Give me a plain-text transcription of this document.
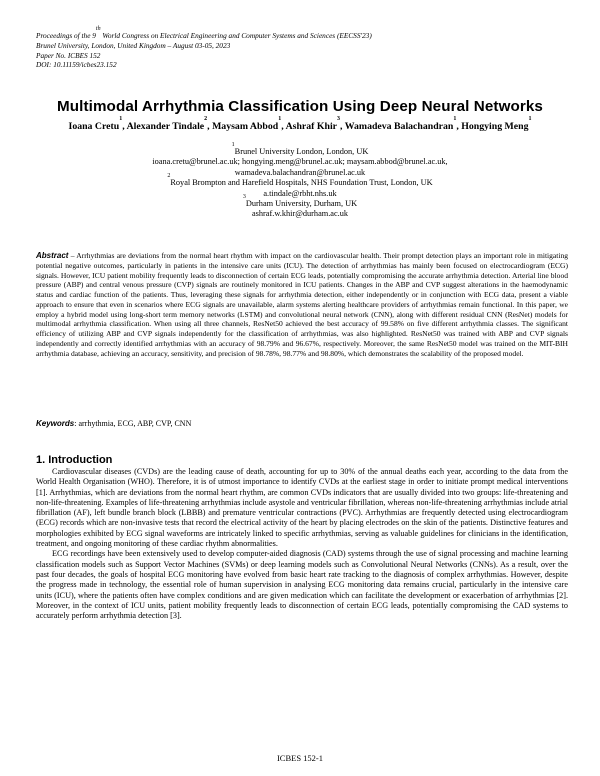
Proceedings of the 9th World Congress on Electrical Engineering and Computer Systems and Sciences (EECSS'23)
Brunel University, London, United Kingdom – August 03-05, 2023
Paper No. ICBES 152
DOI: 10.11159/icbes23.152
Multimodal Arrhythmia Classification Using Deep Neural Networks
Ioana Cretu$^1$, Alexander Tindale$^2$, Maysam Abbod$^1$, Ashraf Khir$^3$, Wamadeva Balachandran$^1$, Hongying Meng$^1$
$^1$Brunel University London, London, UK
ioana.cretu@brunel.ac.uk; hongying.meng@brunel.ac.uk; maysam.abbod@brunel.ac.uk,
wamadeva.balachandran@brunel.ac.uk
$^2$Royal Brompton and Harefield Hospitals, NHS Foundation Trust, London, UK
a.tindale@rbht.nhs.uk
$^3$Durham University, Durham, UK
ashraf.w.khir@durham.ac.uk
Abstract – Arrhythmias are deviations from the normal heart rhythm with impact on the cardiovascular health. Their prompt detection plays an important role in mitigating potential negative outcomes, particularly in patients in the intensive care units (ICU). The detection of arrhythmias has mainly been focused on electrocardiogram (ECG) signals. However, ICU patient mobility frequently leads to disconnection of certain ECG leads, potentially compromising the accurate arrhythmia detection. Arterial line blood pressure (ABP) and central venous pressure (CVP) signals are routinely monitored in ICU patients. Changes in the ABP and CVP suggest alterations in the haemodynamic status and cardiac function of the patients. Thus, leveraging these signals for arrhythmia detection, either independently or in conjunction with ECG data, present a viable approach to ensure that even in scenarios where ECG signals are unavailable, alarm systems alerting healthcare providers of arrhythmias remain functional. In this paper, we employ a hybrid model using long-short term memory networks (LSTM) and convolutional neural network (CNN), along with different residual CNN (ResNet) models for multimodal arrhythmia classification. When using all three channels, ResNet50 achieved the best accuracy of 99.58% on five different arrhythmia classes. The significant efficiency of utilizing ABP and CVP signals independently for the classification of arrhythmias, was also highlighted. ResNet50 was trained with ABP and CVP signals independently and correctly identified arrhythmias with an accuracy of 98.79% and 96.67%, respectively. Moreover, the same ResNet50 model was trained on the MIT-BIH arrhythmia database, achieving an accuracy, sensitivity, and precision of 98.78%, 98.77% and 98.80%, which demonstrates the scalability of the proposed model.
Keywords: arrhythmia, ECG, ABP, CVP, CNN
1. Introduction

Cardiovascular diseases (CVDs) are the leading cause of death, accounting for up to 30% of the annual deaths each year, according to the data from the World Health Organisation (WHO). Therefore, it is of utmost importance to identify CVDs at the earliest stage in order to initiate prompt medical interventions [1]. Arrhythmias, which are deviations from the normal heart rhythm, are common CVDs indicators that are usually divided into two groups: life-threatening and non-life-threatening. Examples of life-threatening arrhythmias include asystole and ventricular fibrillation, whereas non-life-threatening arrhythmias include atrial fibrillation (AF), left bundle branch block (LBBB) and premature ventricular contractions (PVC). Arrhythmias are frequently detected using electrocardiogram (ECG) records which are non-invasive tests that record the electrical activity of the heart by placing electrodes on the skin of the patients. Distinctive features and morphologies exhibited by ECG signal waveforms are intricately linked to specific arrhythmias, serving as valuable guidelines for clinicians in the identification, treatment, and ongoing monitoring of these cardiac rhythm abnormalities.

ECG recordings have been extensively used to develop computer-aided diagnosis (CAD) systems through the use of signal processing and machine learning classification models such as Support Vector Machines (SVMs) or deep learning models such as Convolutional Neural Networks (CNNs). As a result, over the past four decades, the goals of hospital ECG monitoring have evolved from basic heart rate tracking to the diagnosis of complex arrhythmias. However, despite the progress made in technology, the essential role of human supervision in analysing ECG monitoring data remains crucial, particularly in the intensive care units (ICU), where the patients often have complex conditions and are given medication which can facilitate the development or exacerbation of arrhythmias [2]. Moreover, in the context of ICU units, patient mobility frequently leads to disconnection of certain ECG leads, potentially compromising the CAD systems to accurately perform arrhythmia detection [3].

ICBES 152-1
